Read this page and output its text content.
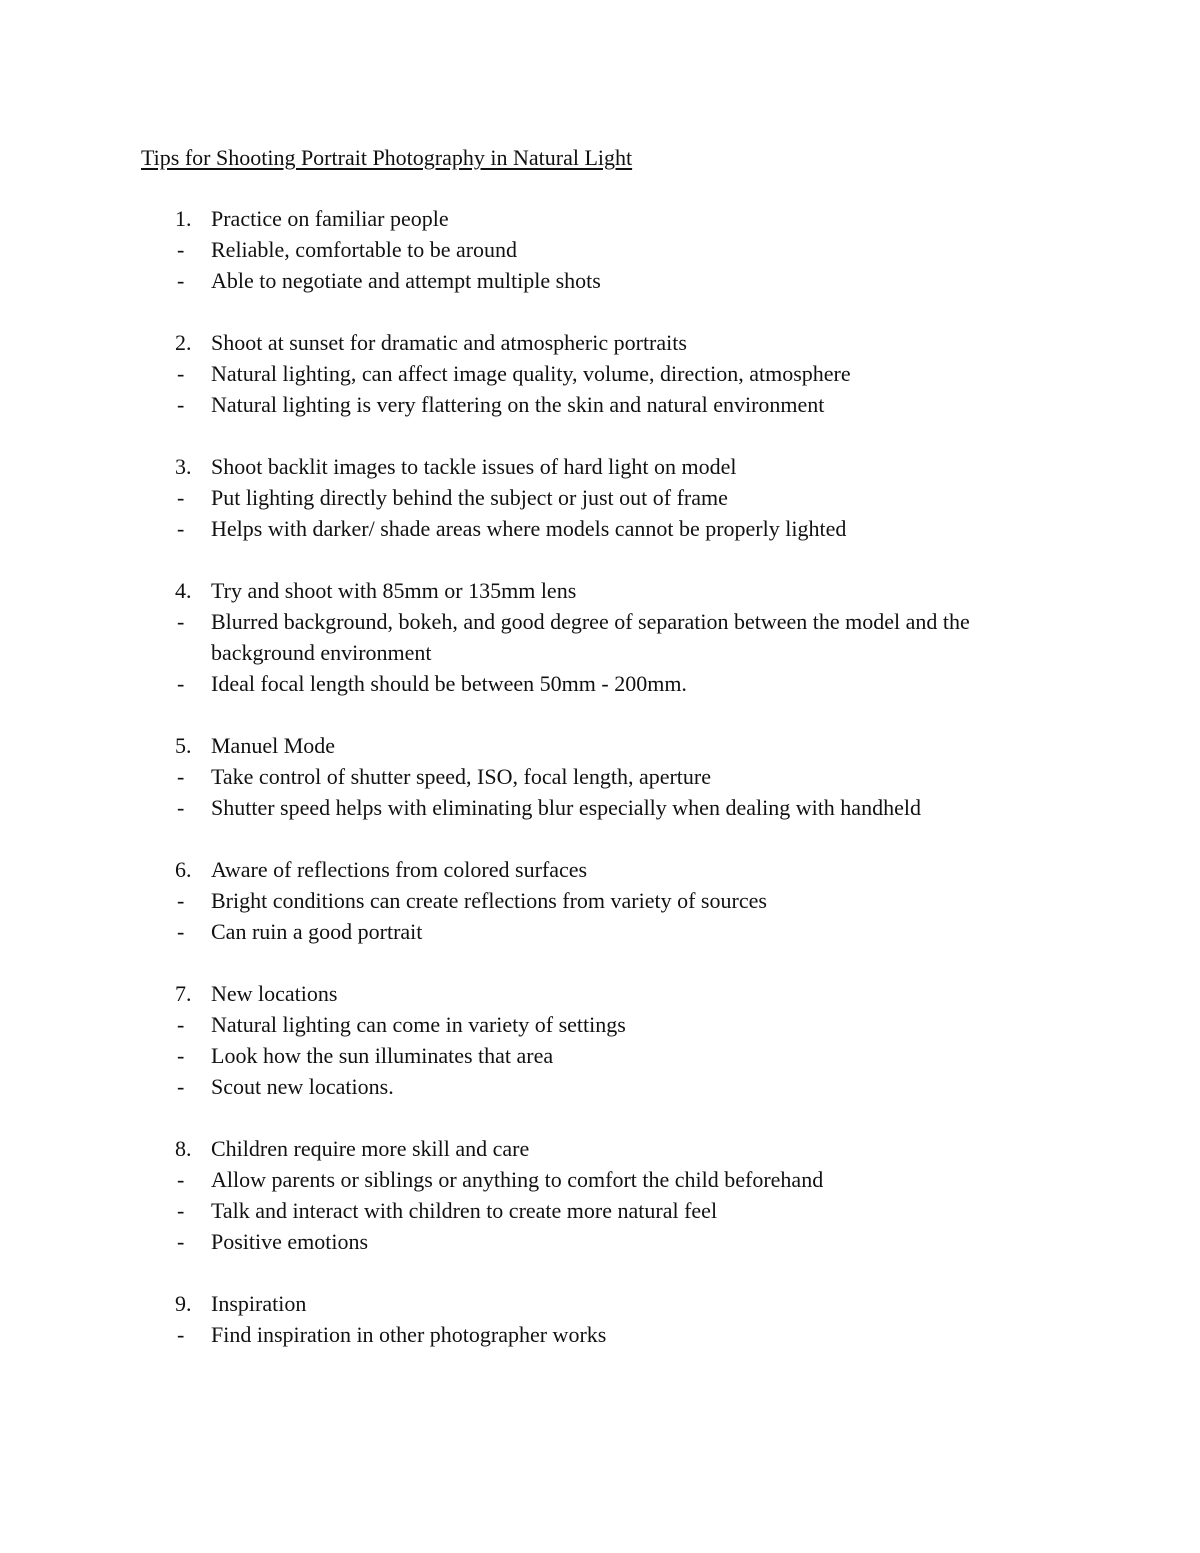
Tips for Shooting Portrait Photography in Natural Light
1. Practice on familiar people
- Reliable, comfortable to be around
- Able to negotiate and attempt multiple shots
2. Shoot at sunset for dramatic and atmospheric portraits
- Natural lighting, can affect image quality, volume, direction, atmosphere
- Natural lighting is very flattering on the skin and natural environment
3. Shoot backlit images to tackle issues of hard light on model
- Put lighting directly behind the subject or just out of frame
- Helps with darker/ shade areas where models cannot be properly lighted
4. Try and shoot with 85mm or 135mm lens
- Blurred background, bokeh, and good degree of separation between the model and the background environment
- Ideal focal length should be between 50mm - 200mm.
5. Manuel Mode
- Take control of shutter speed, ISO, focal length, aperture
- Shutter speed helps with eliminating blur especially when dealing with handheld
6. Aware of reflections from colored surfaces
- Bright conditions can create reflections from variety of sources
- Can ruin a good portrait
7. New locations
- Natural lighting can come in variety of settings
- Look how the sun illuminates that area
- Scout new locations.
8. Children require more skill and care
- Allow parents or siblings or anything to comfort the child beforehand
- Talk and interact with children to create more natural feel
- Positive emotions
9. Inspiration
- Find inspiration in other photographer works
